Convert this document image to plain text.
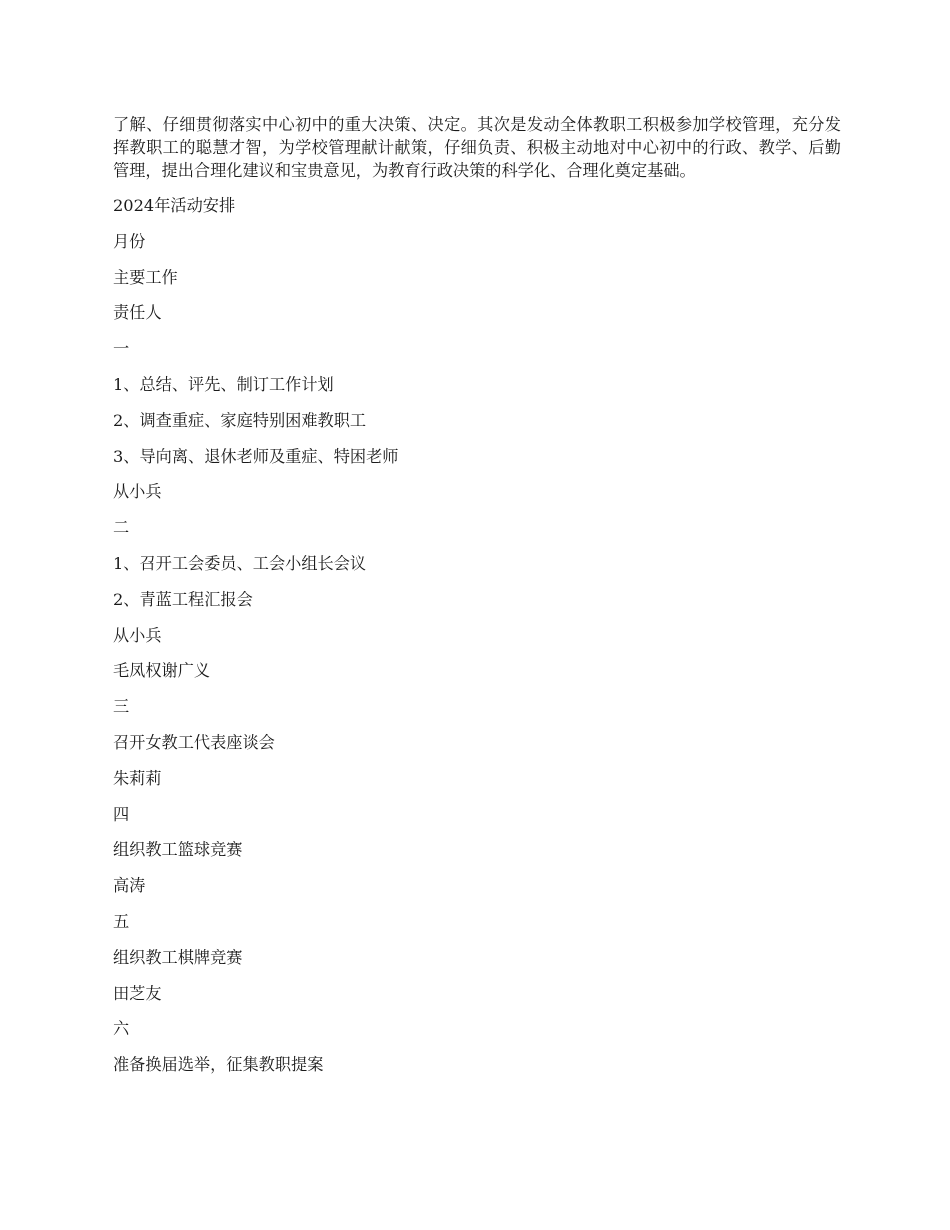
了解、仔细贯彻落实中心初中的重大决策、决定。其次是发动全体教职工积极参加学校管理，充分发挥教职工的聪慧才智，为学校管理献计献策，仔细负责、积极主动地对中心初中的行政、教学、后勤管理，提出合理化建议和宝贵意见，为教育行政决策的科学化、合理化奠定基础。

2024年活动安排

月份
主要工作
责任人
一
1、总结、评先、制订工作计划
2、调查重症、家庭特别困难教职工
3、导向离、退休老师及重症、特困老师
从小兵
二
1、召开工会委员、工会小组长会议
2、青蓝工程汇报会
从小兵
毛凤权谢广义
三
召开女教工代表座谈会
朱莉莉
四
组织教工篮球竞赛
高涛
五
组织教工棋牌竞赛
田芝友
六
准备换届选举，征集教职提案
